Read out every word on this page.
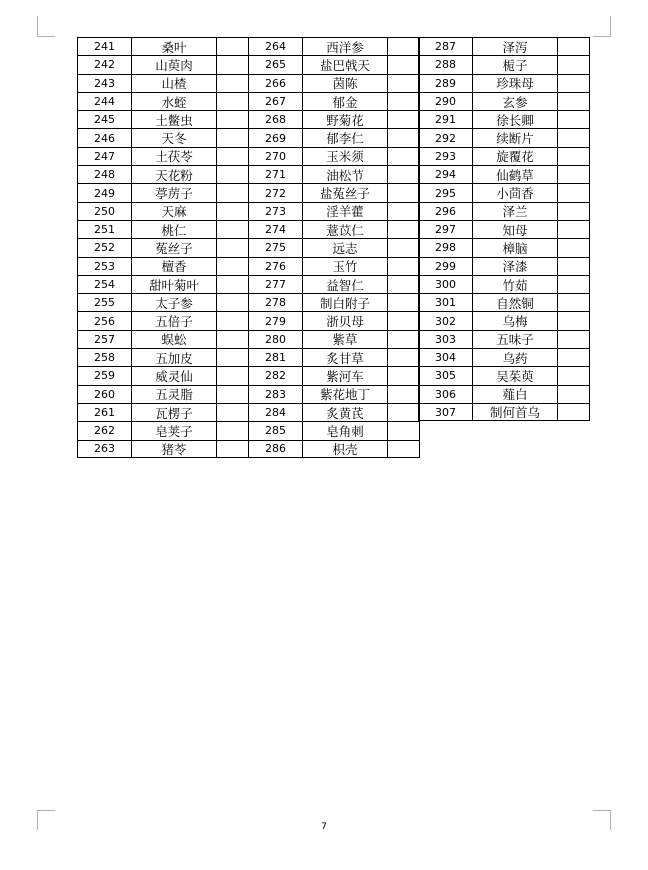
241	桑叶
242	山萸肉
243	山楂
244	水蛭
245	土鳖虫
246	天冬
247	土茯苓
248	天花粉
249	葶苈子
250	天麻
251	桃仁
252	菟丝子
253	檀香
254	甜叶菊叶
255	太子参
256	五倍子
257	蜈蚣
258	五加皮
259	威灵仙
260	五灵脂
261	瓦楞子
262	皂荚子
263	猪苓
264	西洋参
265	盐巴戟天
266	茵陈
267	郁金
268	野菊花
269	郁李仁
270	玉米须
271	油松节
272	盐菟丝子
273	淫羊藿
274	薏苡仁
275	远志
276	玉竹
277	益智仁
278	制白附子
279	浙贝母
280	紫草
281	炙甘草
282	紫河车
283	紫花地丁
284	炙黄芪
285	皂角刺
286	枳壳
287	泽泻
288	栀子
289	珍珠母
290	玄参
291	徐长卿
292	续断片
293	旋覆花
294	仙鹤草
295	小茴香
296	泽兰
297	知母
298	樟脑
299	泽漆
300	竹茹
301	自然铜
302	乌梅
303	五味子
304	乌药
305	吴茱萸
306	薤白
307	制何首乌
7
